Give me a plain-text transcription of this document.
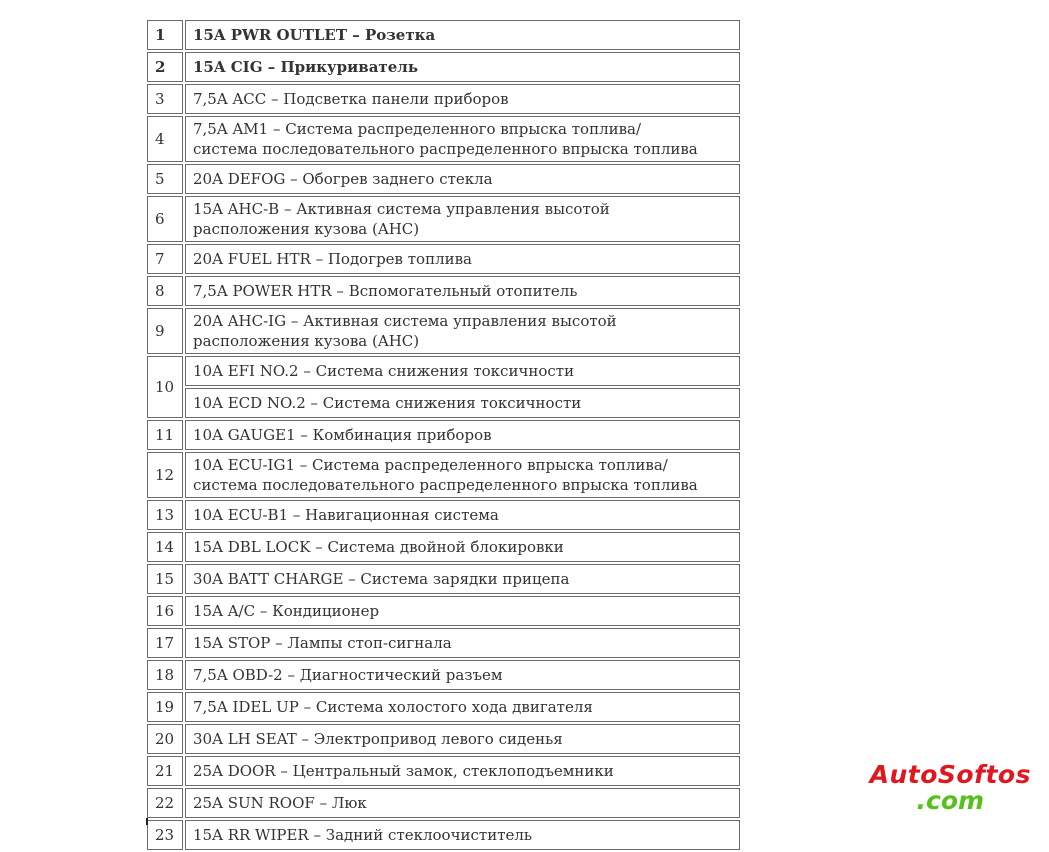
1	15A PWR OUTLET – Розетка
2	15A CIG – Прикуриватель
3	7,5A ACC – Подсветка панели приборов
4	7,5A AM1 – Система распределенного впрыска топлива/
система последовательного распределенного впрыска топлива
5	20A DEFOG – Обогрев заднего стекла
6	15A AHC-B – Активная система управления высотой
расположения кузова (AHC)
7	20A FUEL HTR – Подогрев топлива
8	7,5A POWER HTR – Вспомогательный отопитель
9	20A AHC-IG – Активная система управления высотой
расположения кузова (AHC)
10	10A EFI NO.2 – Система снижения токсичности
	10A ECD NO.2 – Система снижения токсичности
11	10A GAUGE1 – Комбинация приборов
12	10A ECU-IG1 – Система распределенного впрыска топлива/
система последовательного распределенного впрыска топлива
13	10A ECU-B1 – Навигационная система
14	15A DBL LOCK – Система двойной блокировки
15	30A BATT CHARGE – Система зарядки прицепа
16	15A A/C – Кондиционер
17	15A STOP – Лампы стоп-сигнала
18	7,5A OBD-2 – Диагностический разъем
19	7,5A IDEL UP – Система холостого хода двигателя
20	30A LH SEAT – Электропривод левого сиденья
21	25A DOOR – Центральный замок, стеклоподъемники
22	25A SUN ROOF – Люк
23	15A RR WIPER – Задний стеклоочиститель
AutoSoftos
.com
